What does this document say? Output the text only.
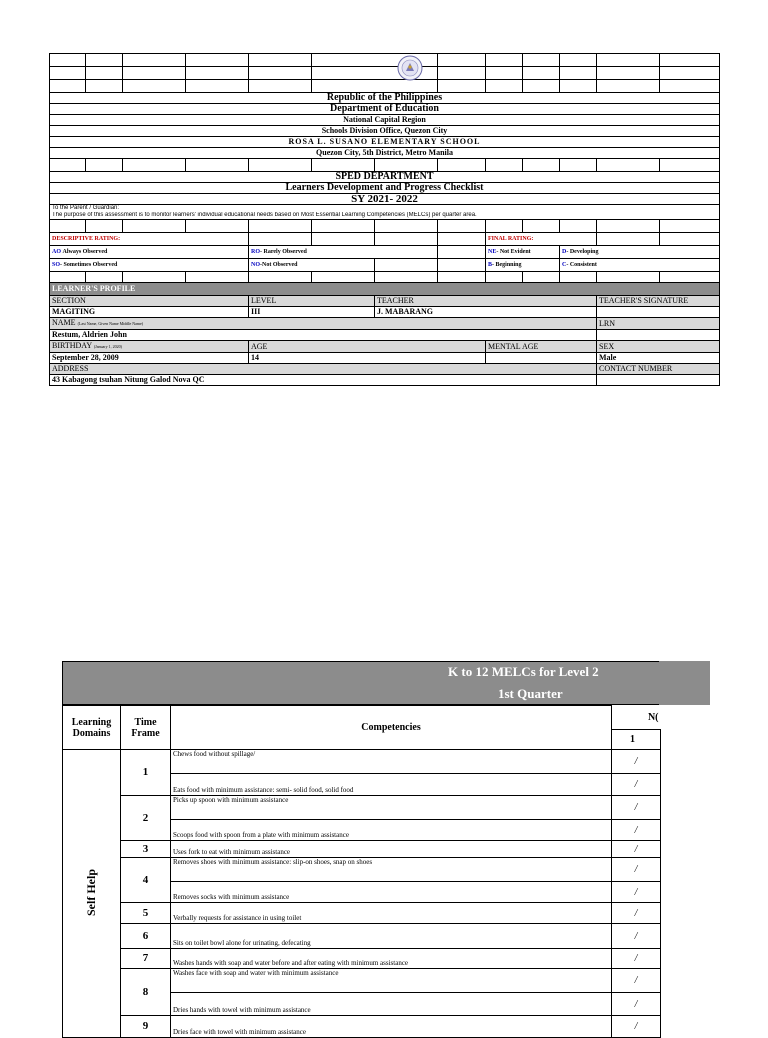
Republic of the Philippines												
Department of Education												
National Capital Region												
Schools Division Office, Quezon City												
ROSA L. SUSANO ELEMENTARY SCHOOL												
Quezon City, 5th District, Metro Manila												

SPED DEPARTMENT												
Learners Development and Progress Checklist												
SY 2021- 2022												
To the Parent / Guardian:												
The purpose of this assessment is to monitor learners' individual educational needs based on Most Essential Learning Competencies (MELCs) per quarter area.												

DESCRIPTIVE RATING:								FINAL RATING:				
AO Always Observed				RO- Rarely Observed				NE- Not Evident		D- Developing		
SO- Sometimes Observed				NO-Not Observed				B- Beginning		C- Consistent		

LEARNER'S PROFILE												
SECTION				LEVEL		TEACHER					TEACHER'S SIGNATURE	
MAGITING				III		J. MABARANG						
NAME (Last Name, Given Name Middle Name)											LRN	
Restum, Aldrien John												
BIRTHDAY (January 1, 2020)				AGE				MENTAL AGE			SEX	
September 28, 2009				14							Male	
ADDRESS											CONTACT NUMBER	
43 Kabagong tsuhan Nitung Galod Nova QC												
K to 12 MELCs for Level 2
1st Quarter
Learning Domains	Time Frame	Competencies	N(
			1
Self Help	1	Chews food without spillage/	/
		Eats food with minimum assistance: semi- solid food, solid food	/
	2	Picks up spoon with minimum assistance	/
		Scoops food with spoon from a plate with minimum assistance	/
	3	Uses fork to eat with minimum assistance	/
	4	Removes shoes with minimum assistance: slip-on shoes, snap on shoes	/
		Removes socks with minimum assistance	/
	5	Verbally requests for assistance in using toilet	/
	6	Sits on toilet bowl alone for urinating, defecating	/
	7	Washes hands with soap and water before and after eating with minimum assistance	/
	8	Washes face with soap and water with minimum assistance	/
		Dries hands with towel with minimum assistance	/
	9	Dries face with towel with minimum assistance	/
